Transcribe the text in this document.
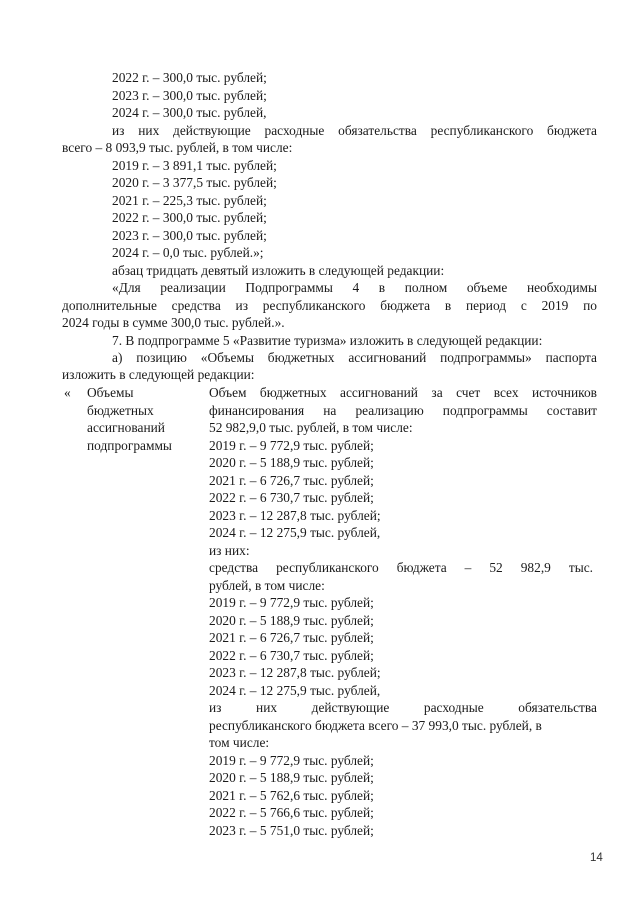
2022 г. – 300,0 тыс. рублей;
2023 г. – 300,0 тыс. рублей;
2024 г. – 300,0 тыс. рублей,
из них действующие расходные обязательства республиканского бюджета
всего – 8 093,9 тыс. рублей, в том числе:
2019 г. – 3 891,1 тыс. рублей;
2020 г. – 3 377,5 тыс. рублей;
2021 г. – 225,3 тыс. рублей;
2022 г. – 300,0 тыс. рублей;
2023 г. – 300,0 тыс. рублей;
2024 г. – 0,0 тыс. рублей.»;
абзац тридцать девятый изложить в следующей редакции:
«Для реализации Подпрограммы 4 в полном объеме необходимы
дополнительные средства из республиканского бюджета в период с 2019 по
2024 годы в сумме 300,0 тыс. рублей.».
7. В подпрограмме 5 «Развитие туризма» изложить в следующей редакции:
а) позицию «Объемы бюджетных ассигнований подпрограммы» паспорта
изложить в следующей редакции:
« Объемы
бюджетных
ассигнований
подпрограммы
Объем бюджетных ассигнований за счет всех источников
финансирования на реализацию подпрограммы составит
52 982,9,0 тыс. рублей, в том числе:
2019 г. – 9 772,9 тыс. рублей;
2020 г. – 5 188,9 тыс. рублей;
2021 г. – 6 726,7 тыс. рублей;
2022 г. – 6 730,7 тыс. рублей;
2023 г. – 12 287,8 тыс. рублей;
2024 г. – 12 275,9 тыс. рублей,
из них:
средства республиканского бюджета – 52 982,9 тыс.
рублей, в том числе:
2019 г. – 9 772,9 тыс. рублей;
2020 г. – 5 188,9 тыс. рублей;
2021 г. – 6 726,7 тыс. рублей;
2022 г. – 6 730,7 тыс. рублей;
2023 г. – 12 287,8 тыс. рублей;
2024 г. – 12 275,9 тыс. рублей,
из них действующие расходные обязательства
республиканского бюджета всего – 37 993,0 тыс. рублей, в
том числе:
2019 г. – 9 772,9 тыс. рублей;
2020 г. – 5 188,9 тыс. рублей;
2021 г. – 5 762,6 тыс. рублей;
2022 г. – 5 766,6 тыс. рублей;
2023 г. – 5 751,0 тыс. рублей;
14
